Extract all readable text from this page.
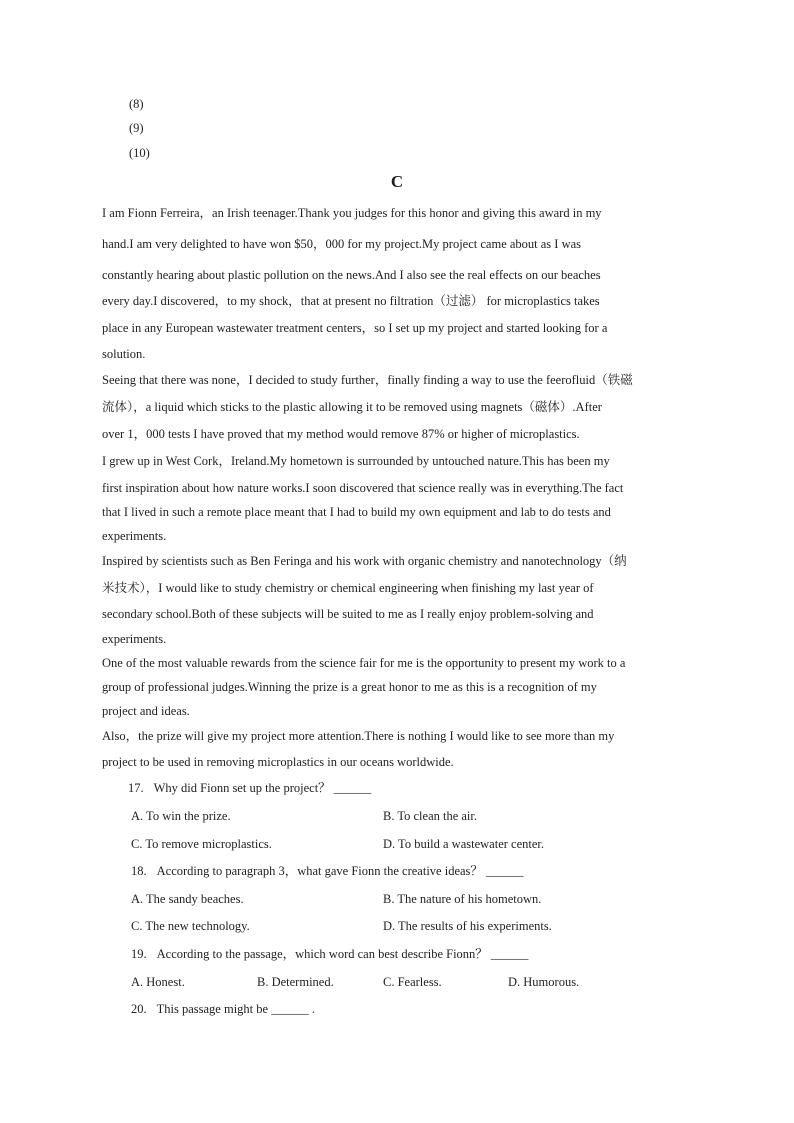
(8)
(9)
(10)
C
I am Fionn Ferreira，an Irish teenager.Thank you judges for this honor and giving this award in my
hand.I am very delighted to have won $50，000 for my project.My project came about as I was
constantly hearing about plastic pollution on the news.And I also see the real effects on our beaches
every day.I discovered，to my shock，that at present no filtration（过滤） for microplastics takes
place in any European wastewater treatment centers，so I set up my project and started looking for a
solution.
Seeing that there was none，I decided to study further，finally finding a way to use the feerofluid（铁磁
流体），a liquid which sticks to the plastic allowing it to be removed using magnets（磁体）.After
over 1，000 tests I have proved that my method would remove 87% or higher of microplastics.
I grew up in West Cork，Ireland.My hometown is surrounded by untouched nature.This has been my
first inspiration about how nature works.I soon discovered that science really was in everything.The fact
that I lived in such a remote place meant that I had to build my own equipment and lab to do tests and
experiments.
Inspired by scientists such as Ben Feringa and his work with organic chemistry and nanotechnology（纳
米技术），I would like to study chemistry or chemical engineering when finishing my last year of
secondary school.Both of these subjects will be suited to me as I really enjoy problem-solving and
experiments.
One of the most valuable rewards from the science fair for me is the opportunity to present my work to a
group of professional judges.Winning the prize is a great honor to me as this is a recognition of my
project and ideas.
Also，the prize will give my project more attention.There is nothing I would like to see more than my
project to be used in removing microplastics in our oceans worldwide.
17. Why did Fionn set up the project？ ______
A. To win the prize.	B. To clean the air.
C. To remove microplastics.	D. To build a wastewater center.
18. According to paragraph 3，what gave Fionn the creative ideas？ ______
A. The sandy beaches.	B. The nature of his hometown.
C. The new technology.	D. The results of his experiments.
19. According to the passage，which word can best describe Fionn？ ______
A. Honest.	B. Determined.	C. Fearless.	D. Humorous.
20. This passage might be ______ .
